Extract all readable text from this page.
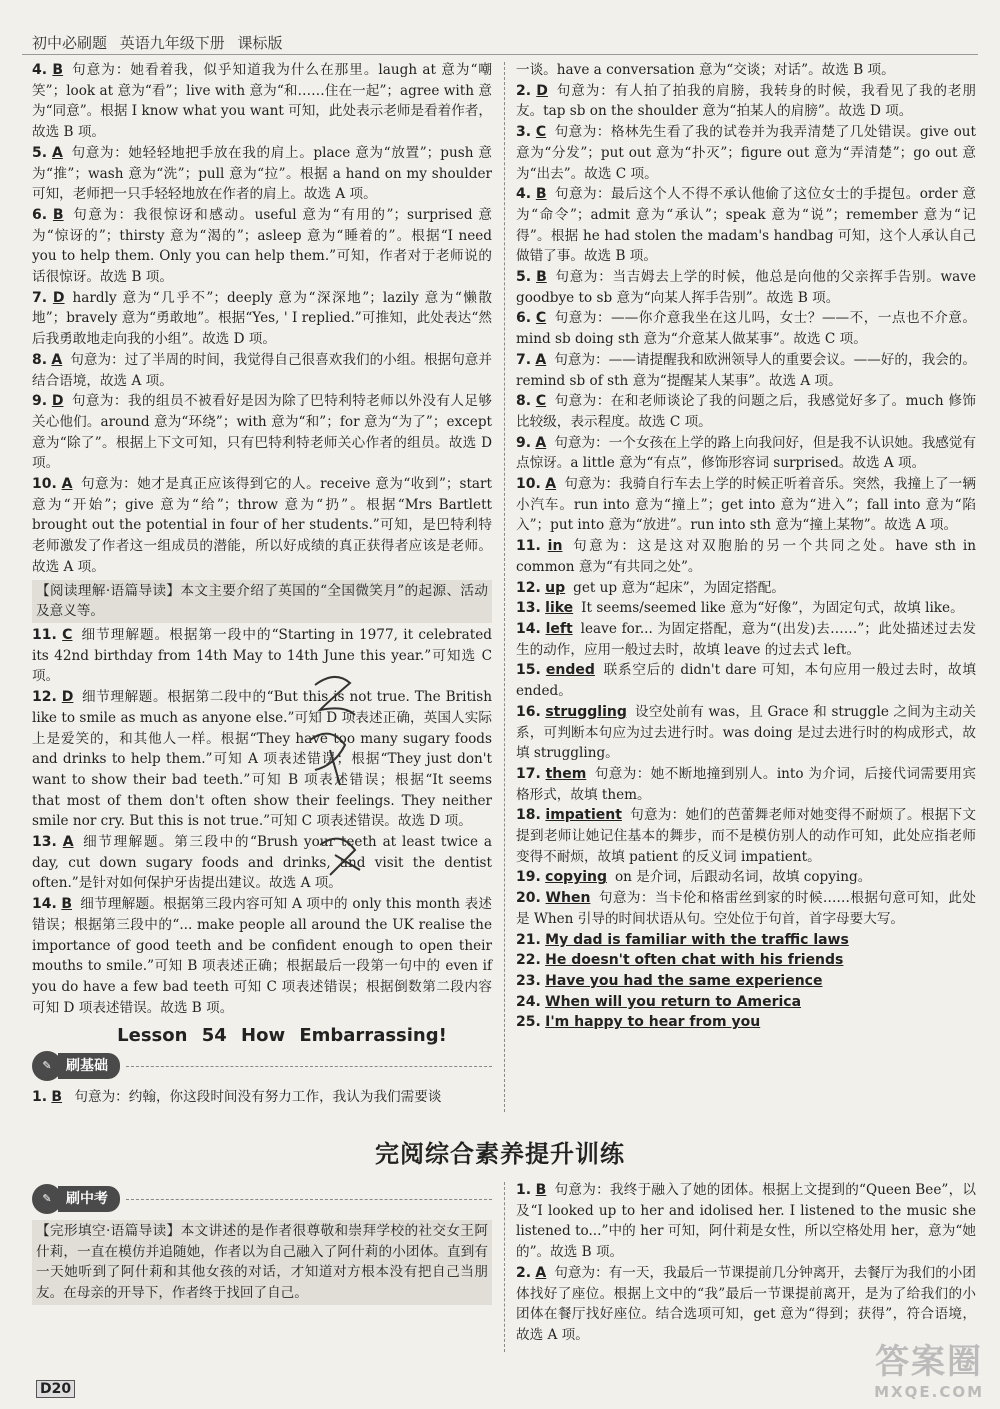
初中必刷题 英语九年级下册 课标版

4. B 句意为：她看着我，似乎知道我为什么在那里。laugh at 意为“嘲笑”；look at 意为“看”；live with 意为“和……住在一起”；agree with 意为“同意”。根据 I know what you want 可知，此处表示老师是看着作者，故选 B 项。

5. A 句意为：她轻轻地把手放在我的肩上。place 意为“放置”；push 意为“推”；wash 意为“洗”；pull 意为“拉”。根据 a hand on my shoulder 可知，老师把一只手轻轻地放在作者的肩上。故选 A 项。

6. B 句意为：我很惊讶和感动。useful 意为“有用的”；surprised 意为“惊讶的”；thirsty 意为“渴的”；asleep 意为“睡着的”。根据“I need you to help them. Only you can help them.”可知，作者对于老师说的话很惊讶。故选 B 项。

7. D hardly 意为“几乎不”；deeply 意为“深深地”；lazily 意为“懒散地”；bravely 意为“勇敢地”。根据“Yes, ' I replied.”可推知，此处表达“然后我勇敢地走向我的小组”。故选 D 项。

8. A 句意为：过了半周的时间，我觉得自己很喜欢我们的小组。根据句意并结合语境，故选 A 项。

9. D 句意为：我的组员不被看好是因为除了巴特利特老师以外没有人足够关心他们。around 意为“环绕”；with 意为“和”；for 意为“为了”；except 意为“除了”。根据上下文可知，只有巴特利特老师关心作者的组员。故选 D 项。

10. A 句意为：她才是真正应该得到它的人。receive 意为“收到”；start 意为“开始”；give 意为“给”；throw 意为“扔”。根据“Mrs Bartlett brought out the potential in four of her students.”可知，是巴特利特老师激发了作者这一组成员的潜能，所以好成绩的真正获得者应该是老师。故选 A 项。

【阅读理解·语篇导读】本文主要介绍了英国的“全国微笑月”的起源、活动及意义等。

11. C 细节理解题。根据第一段中的“Starting in 1977, it celebrated its 42nd birthday from 14th May to 14th June this year.”可知选 C 项。

12. D 细节理解题。根据第二段中的“But this is not true. The British like to smile as much as anyone else.”可知 D 项表述正确，英国人实际上是爱笑的，和其他人一样。根据“They have too many sugary foods and drinks to help them.”可知 A 项表述错误；根据“They just don't want to show their bad teeth.”可知 B 项表述错误；根据“It seems that most of them don't often show their feelings. They neither smile nor cry. But this is not true.”可知 C 项表述错误。故选 D 项。

13. A 细节理解题。第三段中的“Brush your teeth at least twice a day, cut down sugary foods and drinks, and visit the dentist often.”是针对如何保护牙齿提出建议。故选 A 项。

14. B 细节理解题。根据第三段内容可知 A 项中的 only this month 表述错误；根据第三段中的“... make people all around the UK realise the importance of good teeth and be confident enough to open their mouths to smile.”可知 B 项表述正确；根据最后一段第一句中的 even if you do have a few bad teeth 可知 C 项表述错误；根据倒数第二段内容可知 D 项表述错误。故选 B 项。

Lesson 54 How Embarrassing!
✎	刷基础

1. B 句意为：约翰，你这段时间没有努力工作，我认为我们需要谈

一谈。have a conversation 意为“交谈；对话”。故选 B 项。

2. D 句意为：有人拍了拍我的肩膀，我转身的时候，我看见了我的老朋友。tap sb on the shoulder 意为“拍某人的肩膀”。故选 D 项。

3. C 句意为：格林先生看了我的试卷并为我弄清楚了几处错误。give out 意为“分发”；put out 意为“扑灭”；figure out 意为“弄清楚”；go out 意为“出去”。故选 C 项。

4. B 句意为：最后这个人不得不承认他偷了这位女士的手提包。order 意为“命令”；admit 意为“承认”；speak 意为“说”；remember 意为“记得”。根据 he had stolen the madam's handbag 可知，这个人承认自己做错了事。故选 B 项。

5. B 句意为：当吉姆去上学的时候，他总是向他的父亲挥手告别。wave goodbye to sb 意为“向某人挥手告别”。故选 B 项。

6. C 句意为：——你介意我坐在这儿吗，女士？——不，一点也不介意。mind sb doing sth 意为“介意某人做某事”。故选 C 项。

7. A 句意为：——请提醒我和欧洲领导人的重要会议。——好的，我会的。remind sb of sth 意为“提醒某人某事”。故选 A 项。

8. C 句意为：在和老师谈论了我的问题之后，我感觉好多了。much 修饰比较级，表示程度。故选 C 项。

9. A 句意为：一个女孩在上学的路上向我问好，但是我不认识她。我感觉有点惊讶。a little 意为“有点”，修饰形容词 surprised。故选 A 项。

10. A 句意为：我骑自行车去上学的时候正听着音乐。突然，我撞上了一辆小汽车。run into 意为“撞上”；get into 意为“进入”；fall into 意为“陷入”；put into 意为“放进”。run into sth 意为“撞上某物”。故选 A 项。

11. in 句意为：这是这对双胞胎的另一个共同之处。have sth in common 意为“有共同之处”。

12. up get up 意为“起床”，为固定搭配。

13. like It seems/seemed like 意为“好像”，为固定句式，故填 like。

14. left leave for... 为固定搭配，意为“(出发)去……”；此处描述过去发生的动作，应用一般过去时，故填 leave 的过去式 left。

15. ended 联系空后的 didn't dare 可知，本句应用一般过去时，故填 ended。

16. struggling 设空处前有 was，且 Grace 和 struggle 之间为主动关系，可判断本句应为过去进行时。was doing 是过去进行时的构成形式，故填 struggling。

17. them 句意为：她不断地撞到别人。into 为介词，后接代词需要用宾格形式，故填 them。

18. impatient 句意为：她们的芭蕾舞老师对她变得不耐烦了。根据下文提到老师让她记住基本的舞步，而不是模仿别人的动作可知，此处应指老师变得不耐烦，故填 patient 的反义词 impatient。

19. copying on 是介词，后跟动名词，故填 copying。

20. When 句意为：当卡伦和格雷丝到家的时候……根据句意可知，此处是 When 引导的时间状语从句。空处位于句首，首字母要大写。

21. My dad is familiar with the traffic laws

22. He doesn't often chat with his friends

23. Have you had the same experience

24. When will you return to America

25. I'm happy to hear from you

完阅综合素养提升训练
✎	刷中考

【完形填空·语篇导读】本文讲述的是作者很尊敬和崇拜学校的社交女王阿什莉，一直在模仿并追随她，作者以为自己融入了阿什莉的小团体。直到有一天她听到了阿什莉和其他女孩的对话，才知道对方根本没有把自己当朋友。在母亲的开导下，作者终于找回了自己。

1. B 句意为：我终于融入了她的团体。根据上文提到的“Queen Bee”，以及“I looked up to her and idolised her. I listened to the music she listened to...”中的 her 可知，阿什莉是女性，所以空格处用 her，意为“她的”。故选 B 项。

2. A 句意为：有一天，我最后一节课提前几分钟离开，去餐厅为我们的小团体找好了座位。根据上文中的“我”最后一节课提前离开，是为了给我们的小团体在餐厅找好座位。结合选项可知，get 意为“得到；获得”，符合语境，故选 A 项。

D20
答案圈
MXQE.COM
